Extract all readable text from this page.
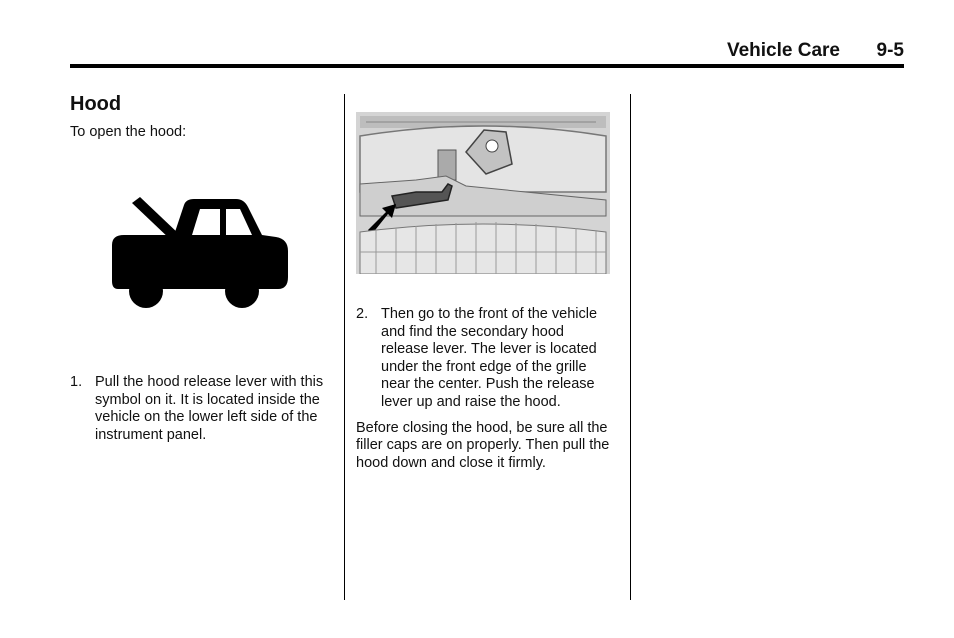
Vehicle Care 9-5
Hood
To open the hood:
1. Pull the hood release lever with this symbol on it. It is located inside the vehicle on the lower left side of the instrument panel.
2. Then go to the front of the vehicle and find the secondary hood release lever. The lever is located under the front edge of the grille near the center. Push the release lever up and raise the hood.
Before closing the hood, be sure all the filler caps are on properly. Then pull the hood down and close it firmly.
